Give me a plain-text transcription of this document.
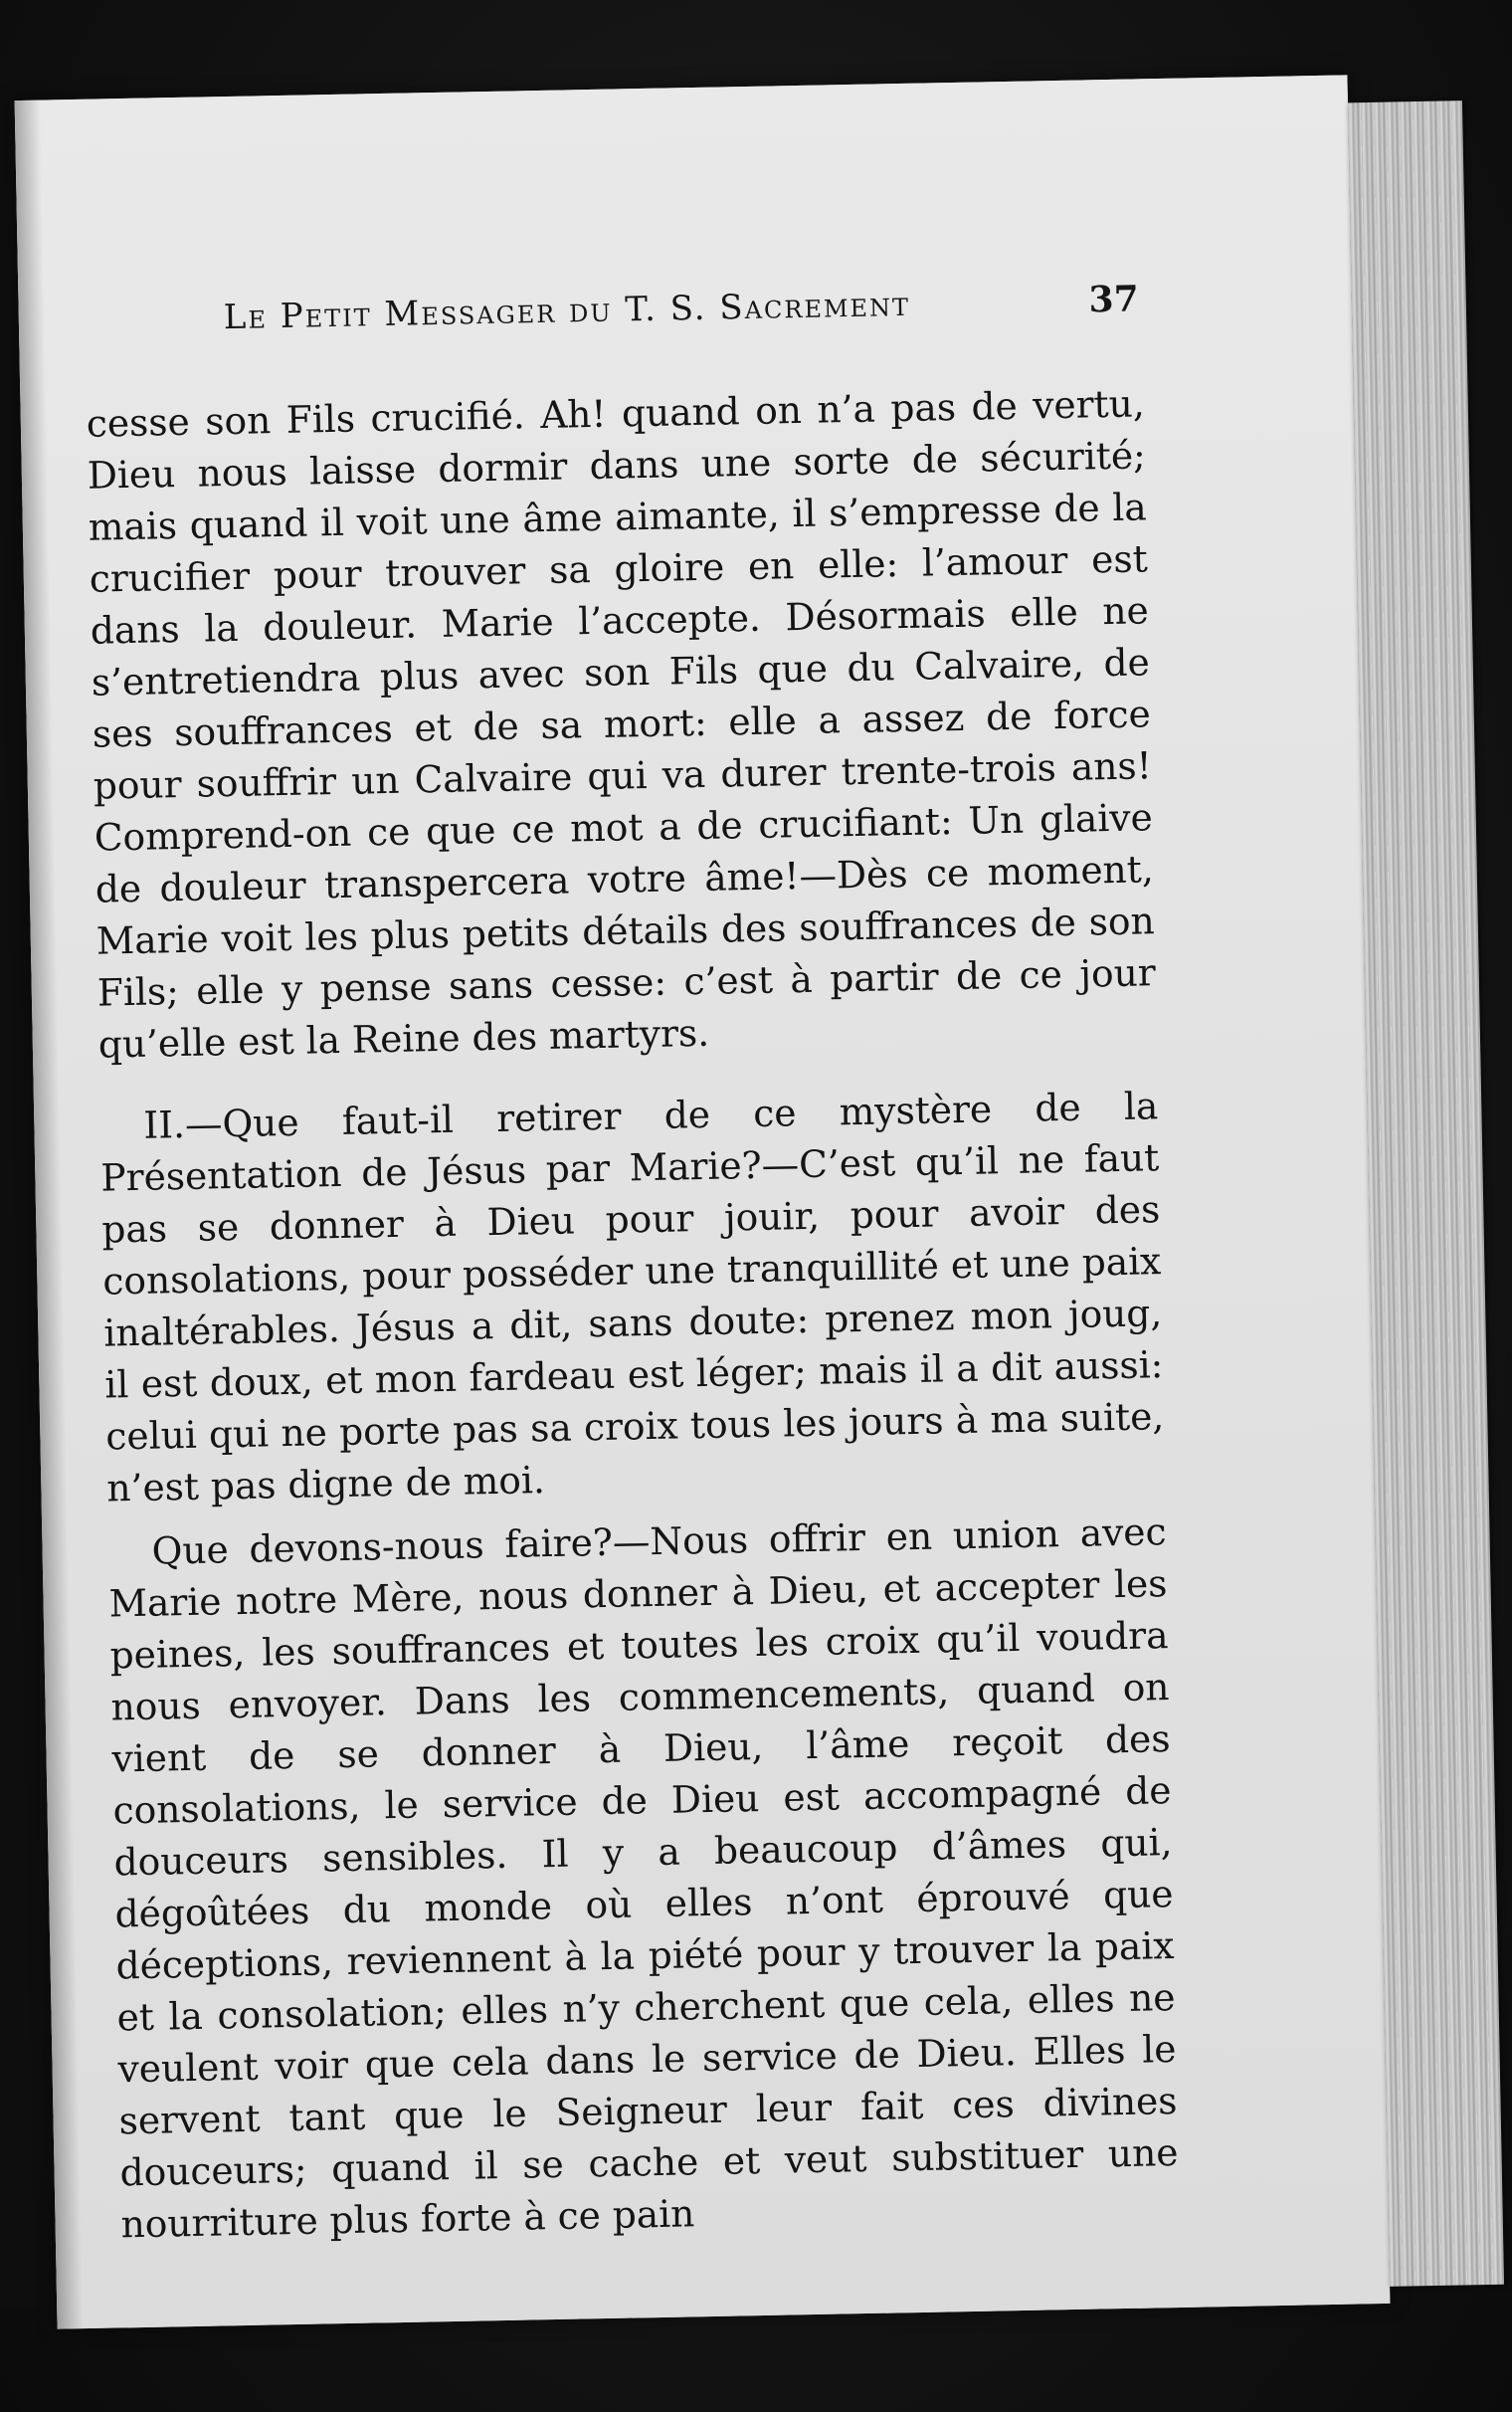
Le Petit Messager du T. S. Sacrement	37

cesse son Fils crucifié. Ah! quand on n’a pas de vertu, Dieu nous laisse dormir dans une sorte de sécurité; mais quand il voit une âme aimante, il s’empresse de la crucifier pour trouver sa gloire en elle: l’amour est dans la douleur. Marie l’accepte. Désormais elle ne s’entretiendra plus avec son Fils que du Calvaire, de ses souffrances et de sa mort: elle a assez de force pour souffrir un Calvaire qui va durer trente-trois ans! Comprend-on ce que ce mot a de crucifiant: Un glaive de douleur transpercera votre âme!—Dès ce moment, Marie voit les plus petits détails des souffrances de son Fils; elle y pense sans cesse: c’est à partir de ce jour qu’elle est la Reine des martyrs.

II.—Que faut-il retirer de ce mystère de la Présentation de Jésus par Marie?—C’est qu’il ne faut pas se donner à Dieu pour jouir, pour avoir des consolations, pour posséder une tranquillité et une paix inaltérables. Jésus a dit, sans doute: prenez mon joug, il est doux, et mon fardeau est léger; mais il a dit aussi: celui qui ne porte pas sa croix tous les jours à ma suite, n’est pas digne de moi.

Que devons-nous faire?—Nous offrir en union avec Marie notre Mère, nous donner à Dieu, et accepter les peines, les souffrances et toutes les croix qu’il voudra nous envoyer. Dans les commencements, quand on vient de se donner à Dieu, l’âme reçoit des consolations, le service de Dieu est accompagné de douceurs sensibles. Il y a beaucoup d’âmes qui, dégoûtées du monde où elles n’ont éprouvé que déceptions, reviennent à la piété pour y trouver la paix et la consolation; elles n’y cherchent que cela, elles ne veulent voir que cela dans le service de Dieu. Elles le servent tant que le Seigneur leur fait ces divines douceurs; quand il se cache et veut substituer une nourriture plus forte à ce pain
